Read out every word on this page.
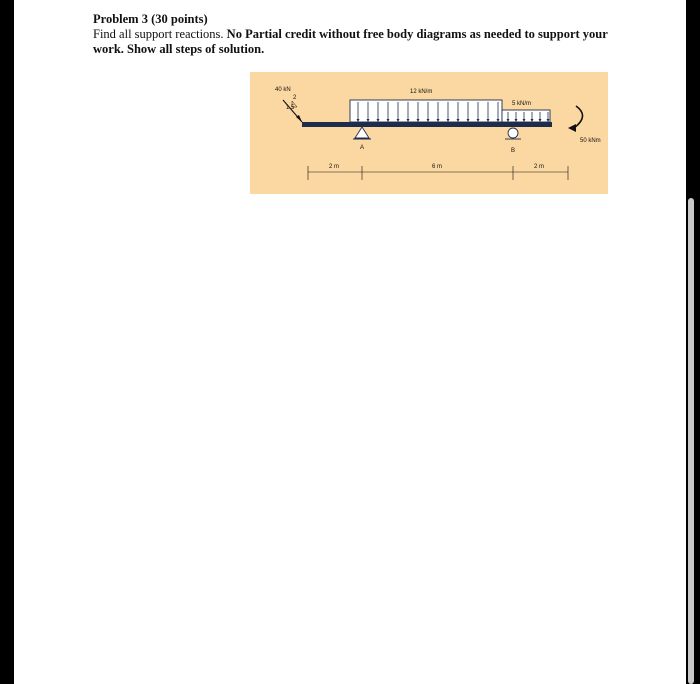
Problem 3 (30 points)
Find all support reactions. No Partial credit without free body diagrams as needed to support your work. Show all steps of solution.
12 kN/m
5 kN/m
40 kN
2
1.5
A	B
50 kNm
2 m	6 m	2 m
